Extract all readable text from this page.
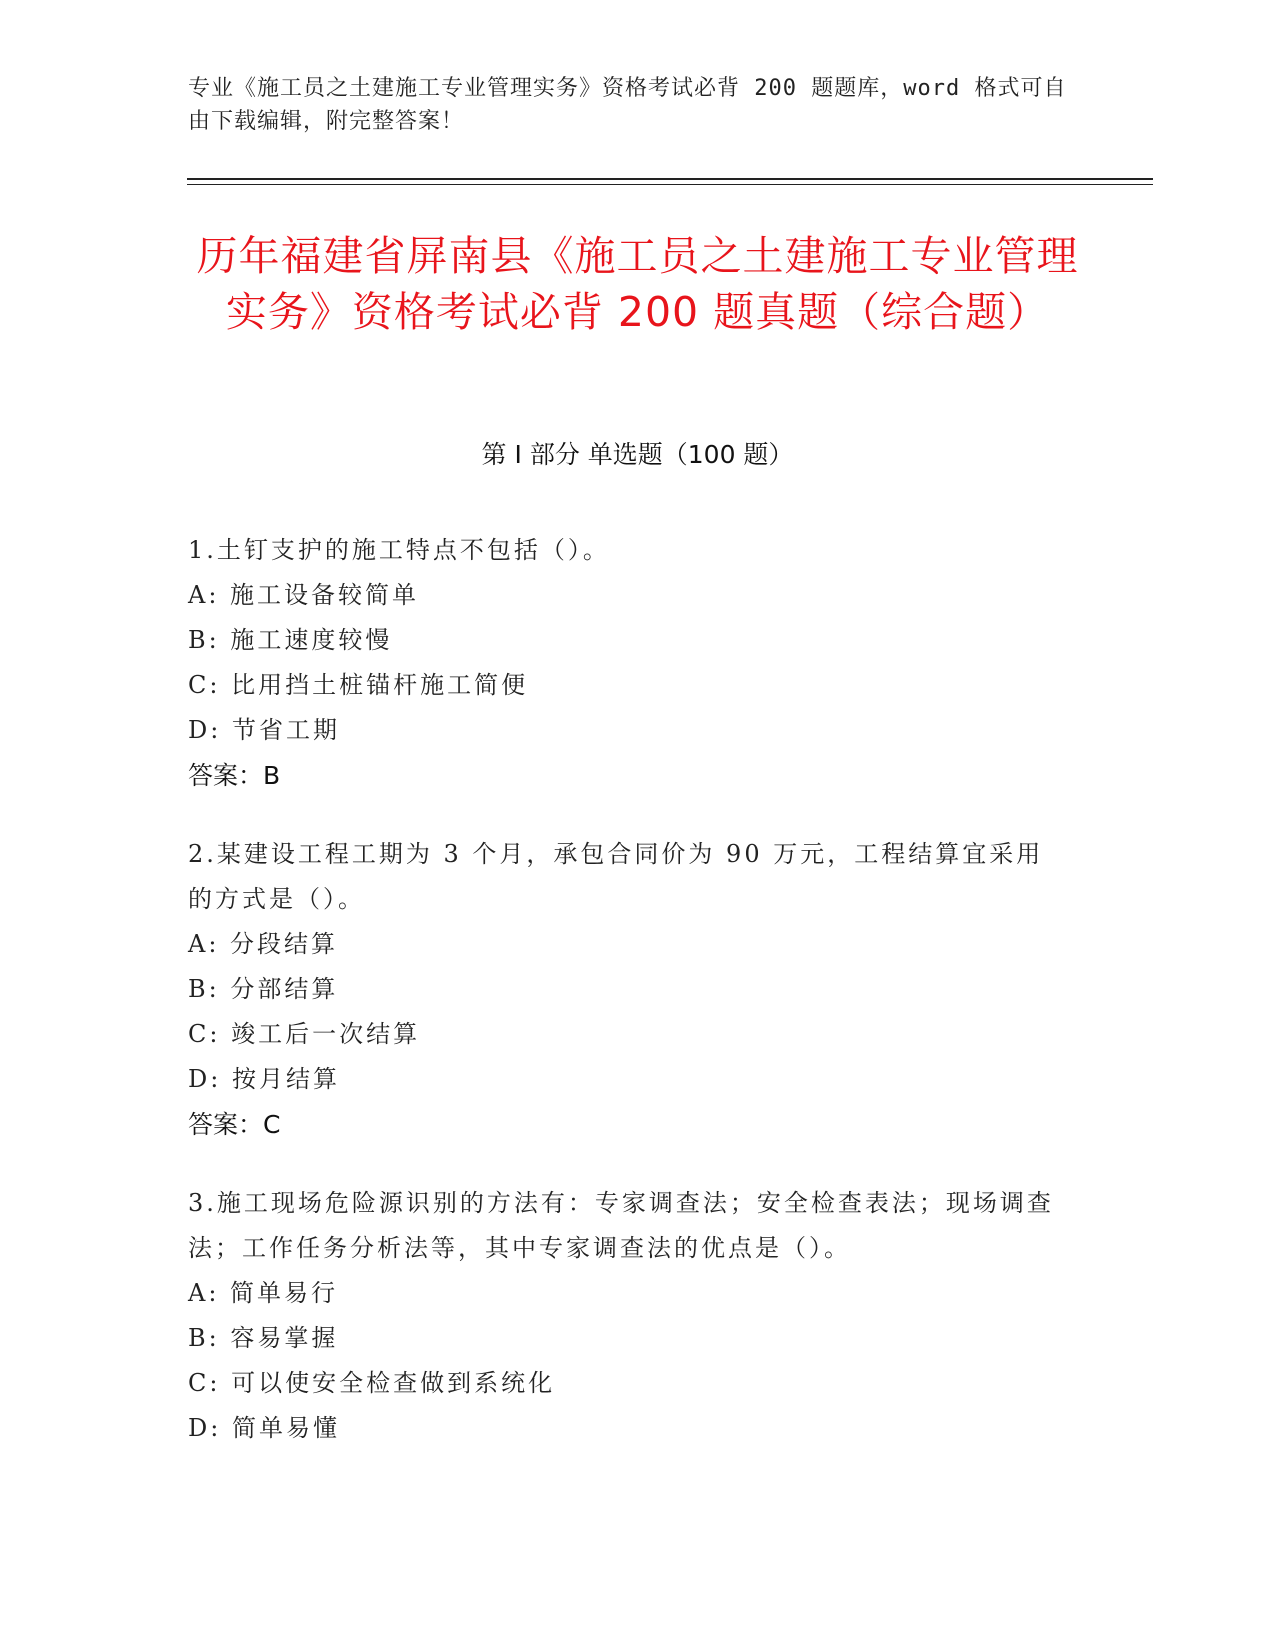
专业《施工员之土建施工专业管理实务》资格考试必背 200 题题库，word 格式可自由下载编辑，附完整答案！
历年福建省屏南县《施工员之土建施工专业管理实务》资格考试必背 200 题真题（综合题）
第 I 部分 单选题（100 题）
1.土钉支护的施工特点不包括（）。
A: 施工设备较简单
B: 施工速度较慢
C: 比用挡土桩锚杆施工简便
D: 节省工期
答案：B
2.某建设工程工期为 3 个月，承包合同价为 90 万元，工程结算宜采用的方式是（）。
A: 分段结算
B: 分部结算
C: 竣工后一次结算
D: 按月结算
答案：C
3.施工现场危险源识别的方法有：专家调查法；安全检查表法；现场调查法；工作任务分析法等，其中专家调查法的优点是（）。
A: 简单易行
B: 容易掌握
C: 可以使安全检查做到系统化
D: 简单易懂
